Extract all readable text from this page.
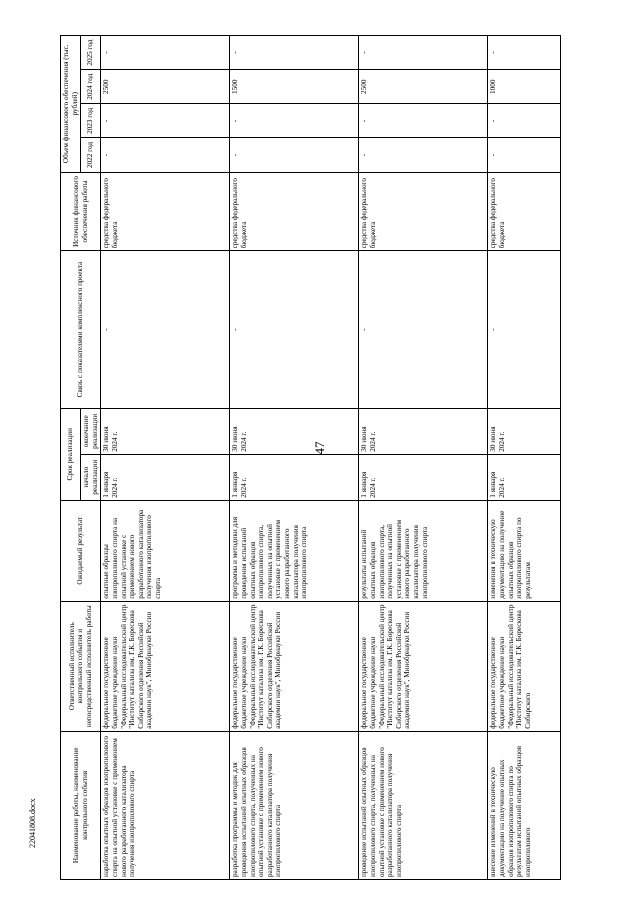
47
22041808.docx	Наименование работы, наименование контрольного события	Ответственный исполнитель контрольного события и непосредственный исполнитель работы	Ожидаемый результат	Срок реализации		Связь с показателями комплексного проекта	Источник финансового обеспечения работы	Объем финансового обеспечения (тыс. рублей)			
			начало реализации	окончание реализации			2022 год	2023 год	2024 год	2025 год

наработка опытных образцов изопропилового спирта на опытной установке с применением нового разработанного катализатора получения изопропилового спирта	федеральное государственное бюджетное учреждение науки "Федеральный исследовательский центр "Институт катализа им. Г.К. Борескова Сибирского отделения Российской академии наук", Минобрнауки России	опытные образцы изопропилового спирта на опытной установке с применением нового разработанного катализатора получения изопропилового спирта	1 января 2024 г.	30 июня 2024 г.	-	средства федерального бюджета	-	-	2500	-
разработка программы и методик для проведения испытаний опытных образцов изопропилового спирта, полученных на опытной установке с применением нового разработанного катализатора получения изопропилового спирта	федеральное государственное бюджетное учреждение науки "Федеральный исследовательский центр "Институт катализа им. Г.К. Борескова Сибирского отделения Российской академии наук", Минобрнауки России	программа и методики для проведения испытаний опытных образцов изопропилового спирта, полученных на опытной установке с применением нового разработанного катализатора получения изопропилового спирта	1 января 2024 г.	30 июня 2024 г.	-	средства федерального бюджета	-	-	1500	-
проведение испытаний опытных образцов изопропилового спирта, полученных на опытной установке с применением нового разработанного катализатора получения изопропилового спирта	федеральное государственное бюджетное учреждение науки "Федеральный исследовательский центр "Институт катализа им. Г.К. Борескова Сибирского отделения Российской академии наук", Минобрнауки России	результаты испытаний опытных образцов изопропилового спирта, полученных на опытной установке с применением нового разработанного катализатора получения изопропилового спирта	1 января 2024 г.	30 июня 2024 г.	-	средства федерального бюджета	-	-	2500	-
внесение изменений в техническую документацию на получение опытных образцов изопропилового спирта по результатам испытаний опытных образцов изопропилового	федеральное государственное бюджетное учреждение науки "Федеральный исследовательский центр "Институт катализа им. Г.К. Борескова Сибирского	изменения в техническую документацию на получение опытных образцов изопропилового спирта по результатам	1 января 2024 г.	30 июня 2024 г.	-	средства федерального бюджета	-	-	1000	-
